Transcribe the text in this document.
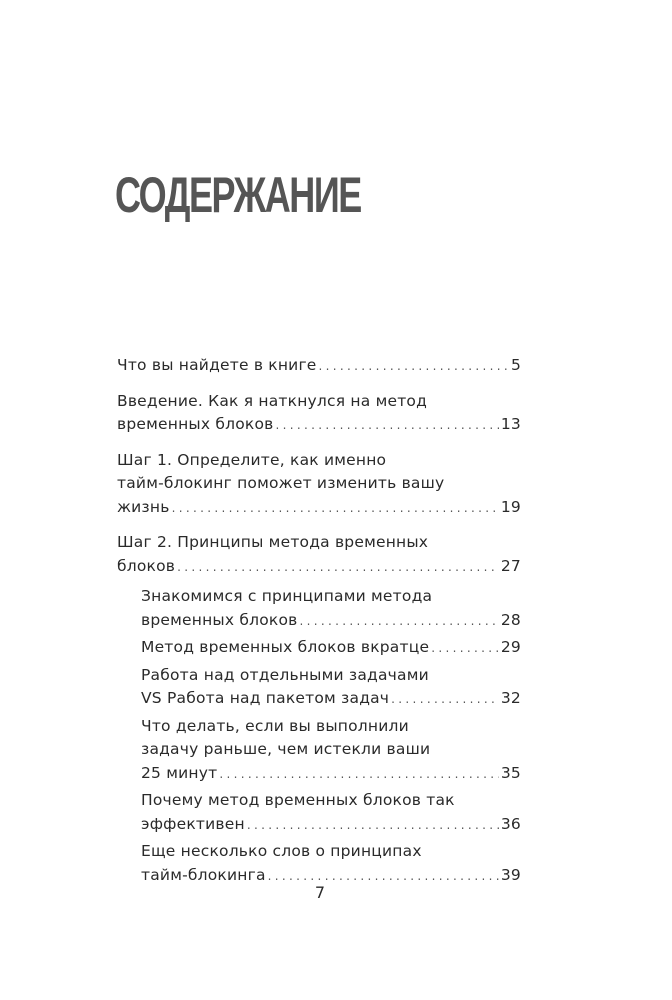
СОДЕРЖАНИЕ
Что вы найдете в книге . . .	5
Введение. Как я наткнулся на метод
временных блоков . . .	13
Шаг 1. Определите, как именно
тайм-блокинг поможет изменить вашу
жизнь . . .	19
Шаг 2. Принципы метода временных
блоков . . .	27
Знакомимся с принципами метода
временных блоков . . .	28
Метод временных блоков вкратце . . .	29
Работа над отдельными задачами
VS Работа над пакетом задач . . .	32
Что делать, если вы выполнили
задачу раньше, чем истекли ваши
25 минут . . .	35
Почему метод временных блоков так
эффективен . . .	36
Еще несколько слов о принципах
тайм-блокинга . . .	39
7
